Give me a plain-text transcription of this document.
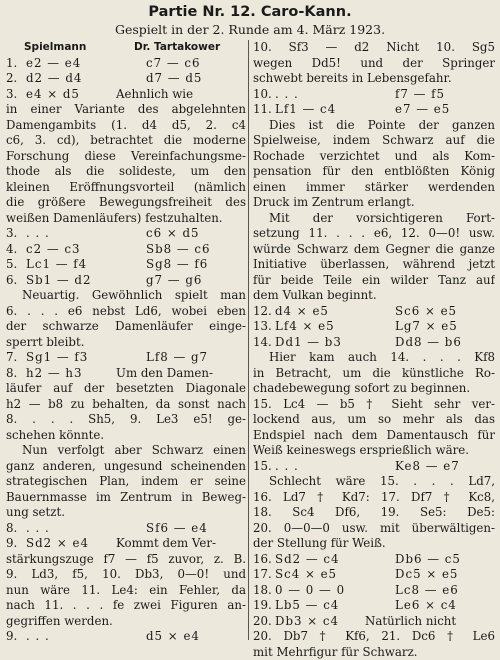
Partie Nr. 12. Caro-Kann.
Gespielt in der 2. Runde am 4. März 1923.
Spielmann	Dr. Tartakower
1. e2 — e4	c7 — c6
2. d2 — d4	d7 — d5
3. e4 ⨯ d5	Aehnlich wie
in einer Variante des abgelehnten
Damengambits (1. d4 d5, 2. c4
c6, 3. cd), betrachtet die moderne
Forschung diese Vereinfachungsme-
thode als die solideste, um den
kleinen Eröffnungsvorteil (nämlich
die größere Bewegungsfreiheit des
weißen Damenläufers) festzuhalten.
3. . . .	c6 ⨯ d5
4. c2 — c3	Sb8 — c6
5. Lc1 — f4	Sg8 — f6
6. Sb1 — d2	g7 — g6
Neuartig. Gewöhnlich spielt man
6. . . . e6 nebst Ld6, wobei eben
der schwarze Damenläufer einge-
sperrt bleibt.
7. Sg1 — f3	Lf8 — g7
8. h2 — h3	Um den Damen-
läufer auf der besetzten Diagonale
h2 — b8 zu behalten, da sonst nach
8. . . . Sh5, 9. Le3 e5! ge-
schehen könnte.
Nun verfolgt aber Schwarz einen
ganz anderen, ungesund scheinenden
strategischen Plan, indem er seine
Bauernmasse im Zentrum in Beweg-
ung setzt.
8. . . .	Sf6 — e4
9. Sd2 ⨯ e4 Kommt dem Ver-
stärkungszuge f7 — f5 zuvor, z. B.
9. Ld3, f5, 10. Db3, 0—0! und
nun wäre 11. Le4: ein Fehler, da
nach 11. . . . fe zwei Figuren an-
gegriffen werden.
9. . . .	d5 ⨯ e4
10. Sf3 — d2 Nicht 10. Sg5
wegen Dd5! und der Springer
schwebt bereits in Lebensgefahr.
10. . . .	f7 — f5
11. Lf1 — c4	e7 — e5
Dies ist die Pointe der ganzen
Spielweise, indem Schwarz auf die
Rochade verzichtet und als Kom-
pensation für den entblößten König
einen immer stärker werdenden
Druck im Zentrum erlangt.
Mit der vorsichtigeren Fort-
setzung 11. . . . e6, 12. 0—0! usw.
würde Schwarz dem Gegner die ganze
Initiative überlassen, während jetzt
für beide Teile ein wilder Tanz auf
dem Vulkan beginnt.
12. d4 ⨯ e5	Sc6 ⨯ e5
13. Lf4 ⨯ e5	Lg7 ⨯ e5
14. Dd1 — b3	Dd8 — b6
Hier kam auch 14. . . . Kf8
in Betracht, um die künstliche Ro-
chadebewegung sofort zu beginnen.
15. Lc4 — b5 † Sieht sehr ver-
lockend aus, um so mehr als das
Endspiel nach dem Damentausch für
Weiß keineswegs ersprießlich wäre.
15. . . .	Ke8 — e7
Schlecht wäre 15. . . . Ld7,
16. Ld7 † Kd7: 17. Df7 † Kc8,
18. Sc4 Df6, 19. Se5: De5:
20. 0—0—0 usw. mit überwältigen-
der Stellung für Weiß.
16. Sd2 — c4	Db6 — c5
17. Sc4 ⨯ e5	Dc5 ⨯ e5
18. 0 — 0 — 0	Lc8 — e6
19. Lb5 — c4	Le6 ⨯ c4
20. Db3 ⨯ c4 Natürlich nicht
20. Db7 † Kf6, 21. Dc6 † Le6
mit Mehrfigur für Schwarz.
